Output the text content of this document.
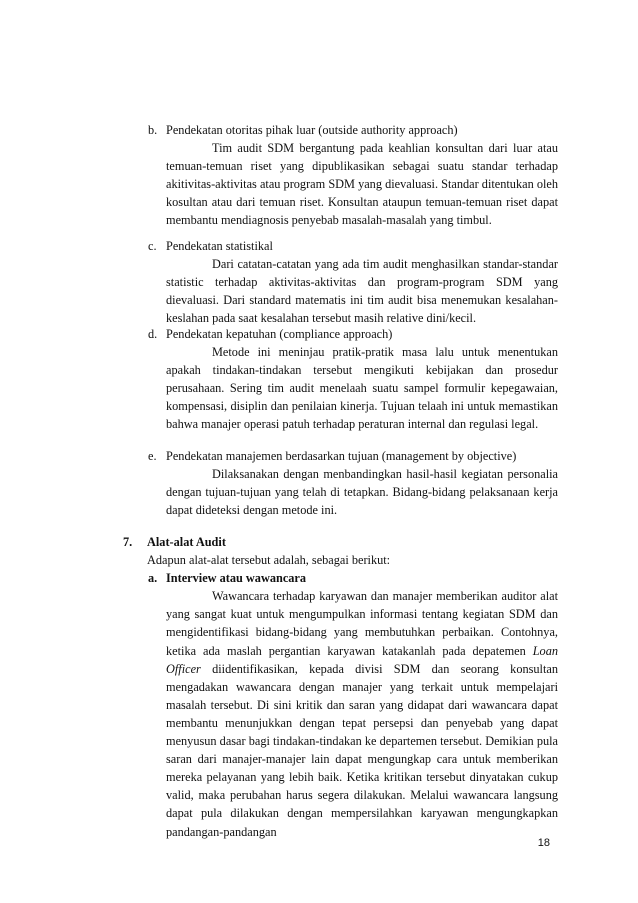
b. Pendekatan otoritas pihak luar (outside authority approach)
Tim audit SDM bergantung pada keahlian konsultan dari luar atau temuan-temuan riset yang dipublikasikan sebagai suatu standar terhadap akitivitas-aktivitas atau program SDM yang dievaluasi. Standar ditentukan oleh kosultan atau dari temuan riset. Konsultan ataupun temuan-temuan riset dapat membantu mendiagnosis penyebab masalah-masalah yang timbul.
c. Pendekatan statistikal
Dari catatan-catatan yang ada tim audit menghasilkan standar-standar statistic terhadap aktivitas-aktivitas dan program-program SDM yang dievaluasi. Dari standard matematis ini tim audit bisa menemukan kesalahan-keslahan pada saat kesalahan tersebut masih relative dini/kecil.
d. Pendekatan kepatuhan (compliance approach)
Metode ini meninjau pratik-pratik masa lalu untuk menentukan apakah tindakan-tindakan tersebut mengikuti kebijakan dan prosedur perusahaan. Sering tim audit menelaah suatu sampel formulir kepegawaian, kompensasi, disiplin dan penilaian kinerja. Tujuan telaah ini untuk memastikan bahwa manajer operasi patuh terhadap peraturan internal dan regulasi legal.
e. Pendekatan manajemen berdasarkan tujuan (management by objective)
Dilaksanakan dengan menbandingkan hasil-hasil kegiatan personalia dengan tujuan-tujuan yang telah di tetapkan. Bidang-bidang pelaksanaan kerja dapat dideteksi dengan metode ini.
7.	Alat-alat Audit
Adapun alat-alat tersebut adalah, sebagai berikut:
a. Interview atau wawancara
Wawancara terhadap karyawan dan manajer memberikan auditor alat yang sangat kuat untuk mengumpulkan informasi tentang kegiatan SDM dan mengidentifikasi bidang-bidang yang membutuhkan perbaikan. Contohnya, ketika ada maslah pergantian karyawan katakanlah pada depatemen Loan Officer diidentifikasikan, kepada divisi SDM dan seorang konsultan mengadakan wawancara dengan manajer yang terkait untuk mempelajari masalah tersebut. Di sini kritik dan saran yang didapat dari wawancara dapat membantu menunjukkan dengan tepat persepsi dan penyebab yang dapat menyusun dasar bagi tindakan-tindakan ke departemen tersebut. Demikian pula saran dari manajer-manajer lain dapat mengungkap cara untuk memberikan mereka pelayanan yang lebih baik. Ketika kritikan tersebut dinyatakan cukup valid, maka perubahan harus segera dilakukan. Melalui wawancara langsung dapat pula dilakukan dengan mempersilahkan karyawan mengungkapkan pandangan-pandangan
18
